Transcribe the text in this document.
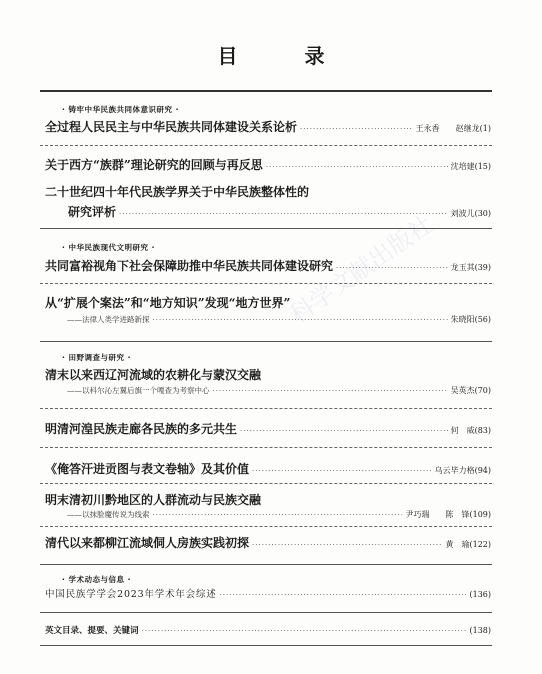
科学文献出版社
目 录
· 铸牢中华民族共同体意识研究 ·
全过程人民民主与中华民族共同体建设关系论析 ·····	王永香　　赵继龙 (1)
关于西方“族群”理论研究的回顾与再反思 ·····	沈培建 (15)
二十世纪四十年代民族学界关于中华民族整体性的
研究评析 ·····	刘波儿 (30)
· 中华民族现代文明研究 ·
共同富裕视角下社会保障助推中华民族共同体建设研究 ·····	龙玉其 (39)
从“扩展个案法”和“地方知识”发现“地方世界”
——法律人类学进路新探 ·····	朱晓阳 (56)
· 田野调查与研究 ·
清末以来西辽河流域的农耕化与蒙汉交融
——以科尔沁左翼后旗一个嘎查为考察中心 ·····	吴英杰 (70)
明清河湟民族走廊各民族的多元共生 ·····	何　威 (83)
《俺答汗进贡图与表文卷轴》及其价值 ·····	乌云毕力格 (94)
明末清初川黔地区的人群流动与民族交融
——以抹脸魔传说为线索 ·····	尹巧瑞　　陈　锋 (109)
清代以来都柳江流域侗人房族实践初探 ·····	黄　瑜 (122)
· 学术动态与信息 ·
中国民族学学会2023年学术年会综述 ·····	(136)
英文目录、提要、关键词 ·····	(138)
